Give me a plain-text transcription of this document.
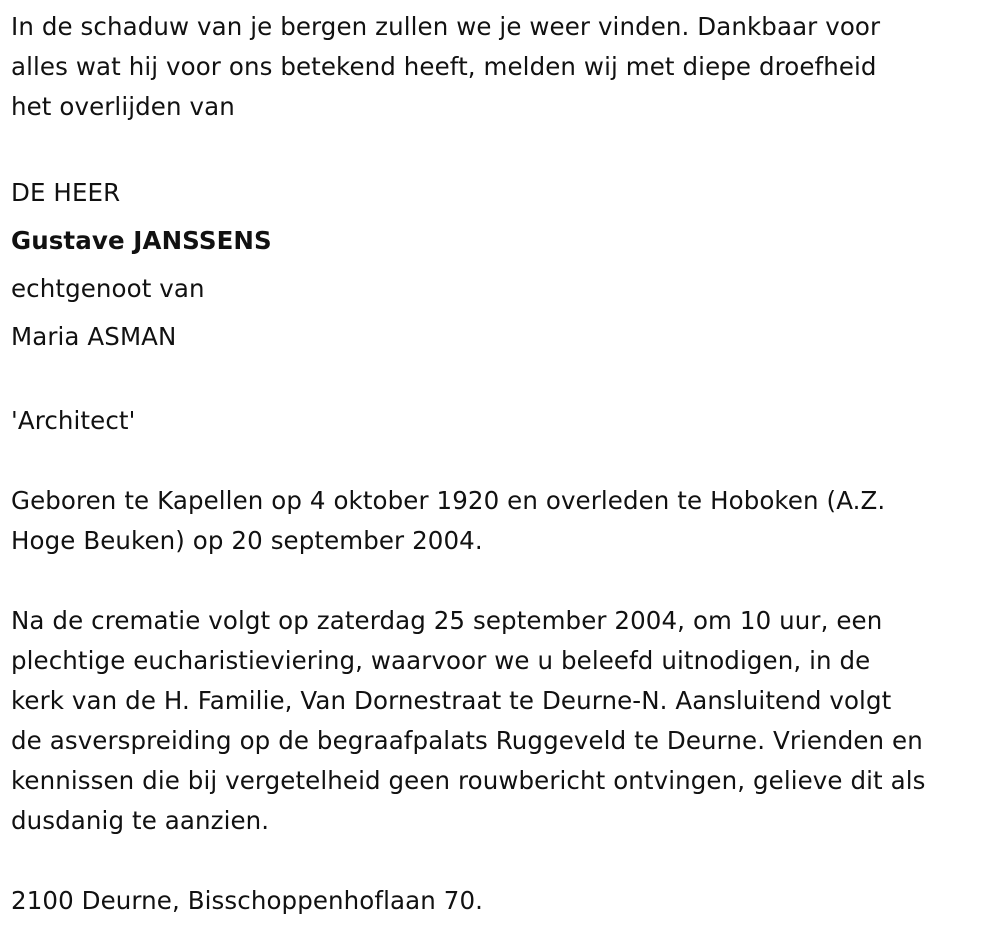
In de schaduw van je bergen zullen we je weer vinden. Dankbaar voor

alles wat hij voor ons betekend heeft, melden wij met diepe droefheid

het overlijden van

DE HEER

Gustave JANSSENS

echtgenoot van

Maria ASMAN

'Architect'

Geboren te Kapellen op 4 oktober 1920 en overleden te Hoboken (A.Z.

Hoge Beuken) op 20 september 2004.

Na de crematie volgt op zaterdag 25 september 2004, om 10 uur, een

plechtige eucharistieviering, waarvoor we u beleefd uitnodigen, in de

kerk van de H. Familie, Van Dornestraat te Deurne-N. Aansluitend volgt

de asverspreiding op de begraafpalats Ruggeveld te Deurne. Vrienden en

kennissen die bij vergetelheid geen rouwbericht ontvingen, gelieve dit als

dusdanig te aanzien.

2100 Deurne, Bisschoppenhoflaan 70.
